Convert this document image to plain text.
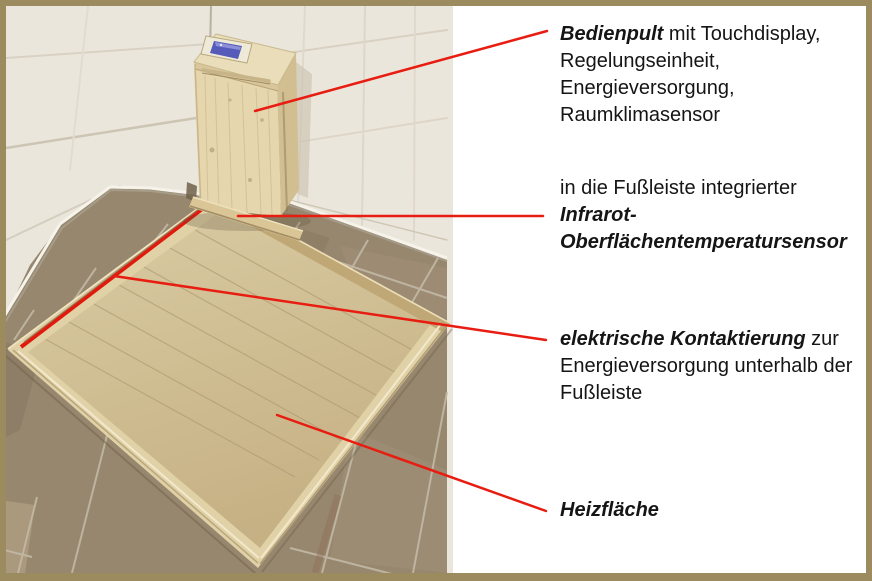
Bedienpult mit Touchdisplay,
Regelungseinheit,
Energieversorgung,
Raumklimasensor
in die Fußleiste integrierter
Infrarot-
Oberflächentemperatursensor
elektrische Kontaktierung zur
Energieversorgung unterhalb der
Fußleiste
Heizfläche
